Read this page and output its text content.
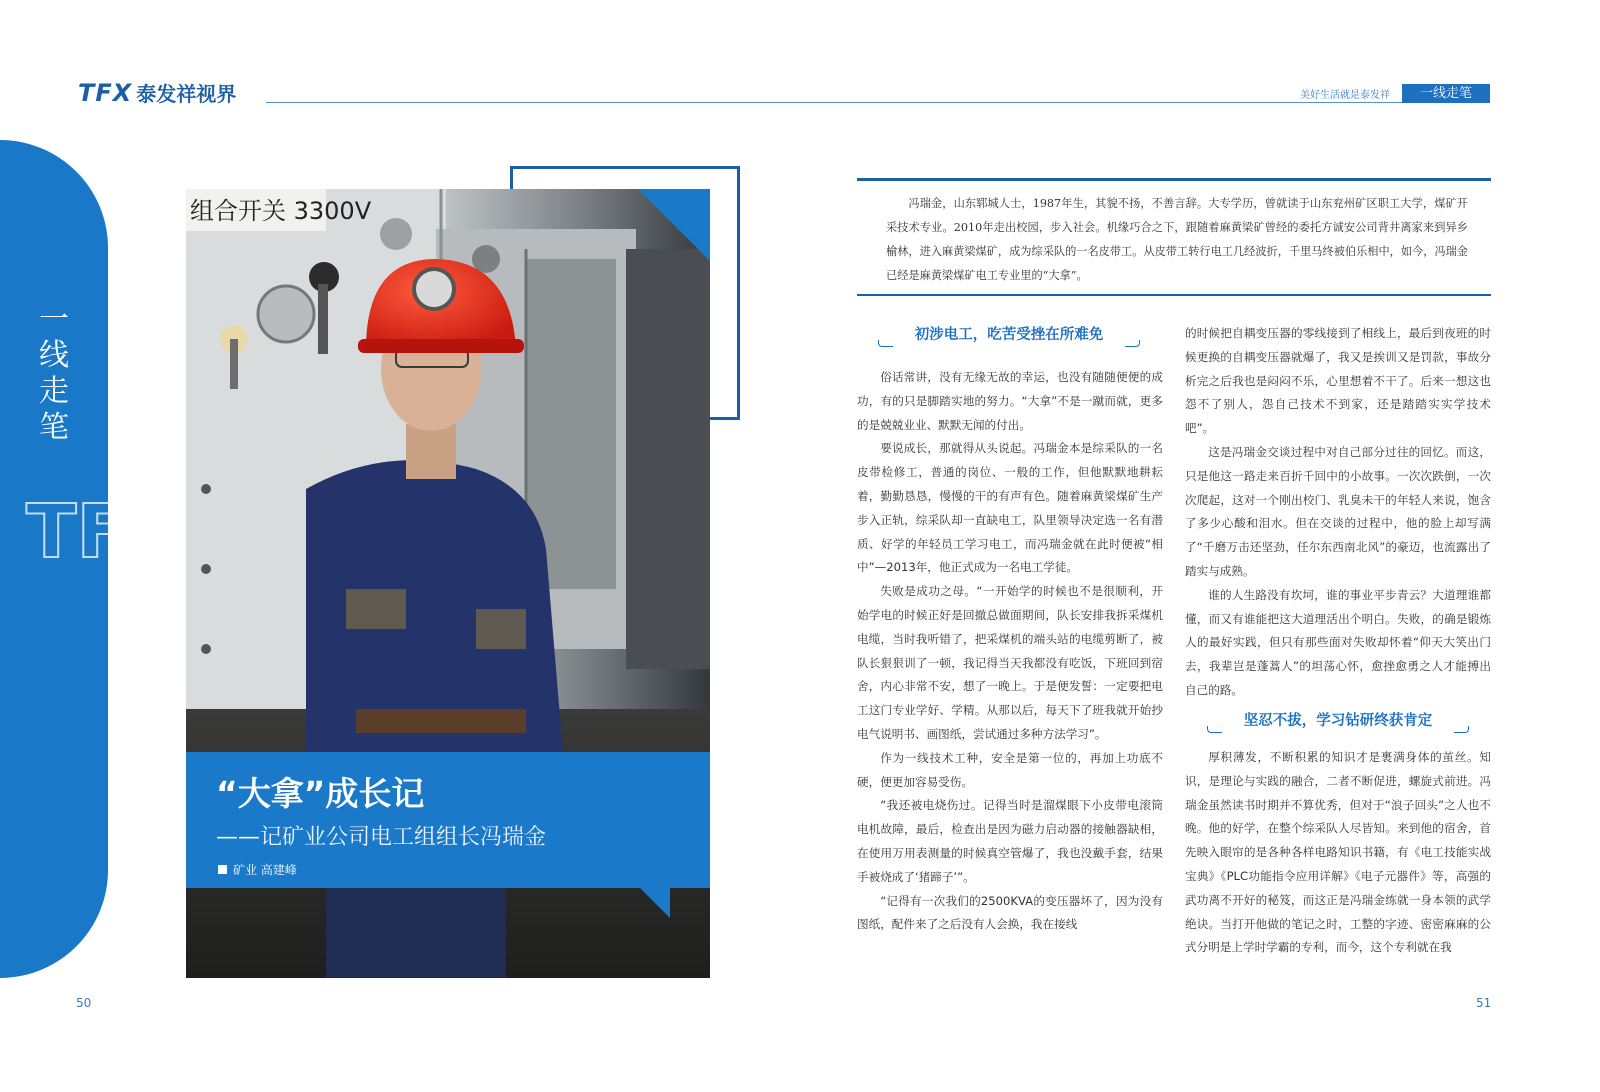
TFX 泰发祥视界	美好生活就是泰发祥	一线走笔
一线走笔
TFX
组合开关 3300V
“大拿”成长记
——记矿业公司电工组组长冯瑞金
矿业 高建峰

冯瑞金，山东郓城人士，1987年生，其貌不扬，不善言辞。大专学历，曾就读于山东兖州矿区职工大学，煤矿开采技术专业。2010年走出校园，步入社会。机缘巧合之下，跟随着麻黄梁矿曾经的委托方诚安公司背井离家来到异乡榆林，进入麻黄梁煤矿，成为综采队的一名皮带工。从皮带工转行电工几经波折，千里马终被伯乐相中，如今，冯瑞金已经是麻黄梁煤矿电工专业里的“大拿”。

初涉电工，吃苦受挫在所难免

俗话常讲，没有无缘无故的幸运，也没有随随便便的成功，有的只是脚踏实地的努力。“大拿”不是一蹴而就，更多的是兢兢业业、默默无闻的付出。

要说成长，那就得从头说起。冯瑞金本是综采队的一名皮带检修工，普通的岗位、一般的工作，但他默默地耕耘着，勤勤恳恳，慢慢的干的有声有色。随着麻黄梁煤矿生产步入正轨，综采队却一直缺电工，队里领导决定选一名有潜质、好学的年轻员工学习电工，而冯瑞金就在此时便被“相中”—2013年，他正式成为一名电工学徒。

失败是成功之母。“一开始学的时候也不是很顺利，开始学电的时候正好是回撤总做面期间，队长安排我拆采煤机电缆，当时我听错了，把采煤机的端头站的电缆剪断了，被队长狠狠训了一顿，我记得当天我都没有吃饭，下班回到宿舍，内心非常不安，想了一晚上。于是便发誓：一定要把电工这门专业学好、学精。从那以后，每天下了班我就开始抄电气说明书、画图纸，尝试通过多种方法学习”。

作为一线技术工种，安全是第一位的，再加上功底不硬，便更加容易受伤。

“我还被电烧伤过。记得当时是溜煤眼下小皮带电滚筒电机故障，最后，检查出是因为磁力启动器的接触器缺相，在使用万用表测量的时候真空管爆了，我也没戴手套，结果手被烧成了‘猪蹄子’”。

“记得有一次我们的2500KVA的变压器坏了，因为没有图纸，配件来了之后没有人会换，我在接线

的时候把自耦变压器的零线接到了相线上，最后到夜班的时候更换的自耦变压器就爆了，我又是挨训又是罚款，事故分析完之后我也是闷闷不乐，心里想着不干了。后来一想这也怨不了别人，怨自己技术不到家，还是踏踏实实学技术吧”。

这是冯瑞金交谈过程中对自己部分过往的回忆。而这，只是他这一路走来百折千回中的小故事。一次次跌倒，一次次爬起，这对一个刚出校门、乳臭未干的年轻人来说，饱含了多少心酸和泪水。但在交谈的过程中，他的脸上却写满了“千磨万击还坚劲，任尔东西南北风”的豪迈，也流露出了踏实与成熟。

谁的人生路没有坎坷，谁的事业平步青云？大道理谁都懂，而又有谁能把这大道理活出个明白。失败，的确是锻炼人的最好实践，但只有那些面对失败却怀着“仰天大笑出门去，我辈岂是蓬蒿人”的坦荡心怀，愈挫愈勇之人才能搏出自己的路。

坚忍不拔，学习钻研终获肯定

厚积薄发，不断积累的知识才是裹满身体的茧丝。知识，是理论与实践的融合，二者不断促进，螺旋式前进。冯瑞金虽然读书时期并不算优秀，但对于“浪子回头”之人也不晚。他的好学，在整个综采队人尽皆知。来到他的宿舍，首先映入眼帘的是各种各样电路知识书籍，有《电工技能实战宝典》《PLC功能指令应用详解》《电子元器件》等，高强的武功离不开好的秘笈，而这正是冯瑞金练就一身本领的武学绝诀。当打开他做的笔记之时，工整的字迹、密密麻麻的公式分明是上学时学霸的专利，而今，这个专利就在我

50	51
